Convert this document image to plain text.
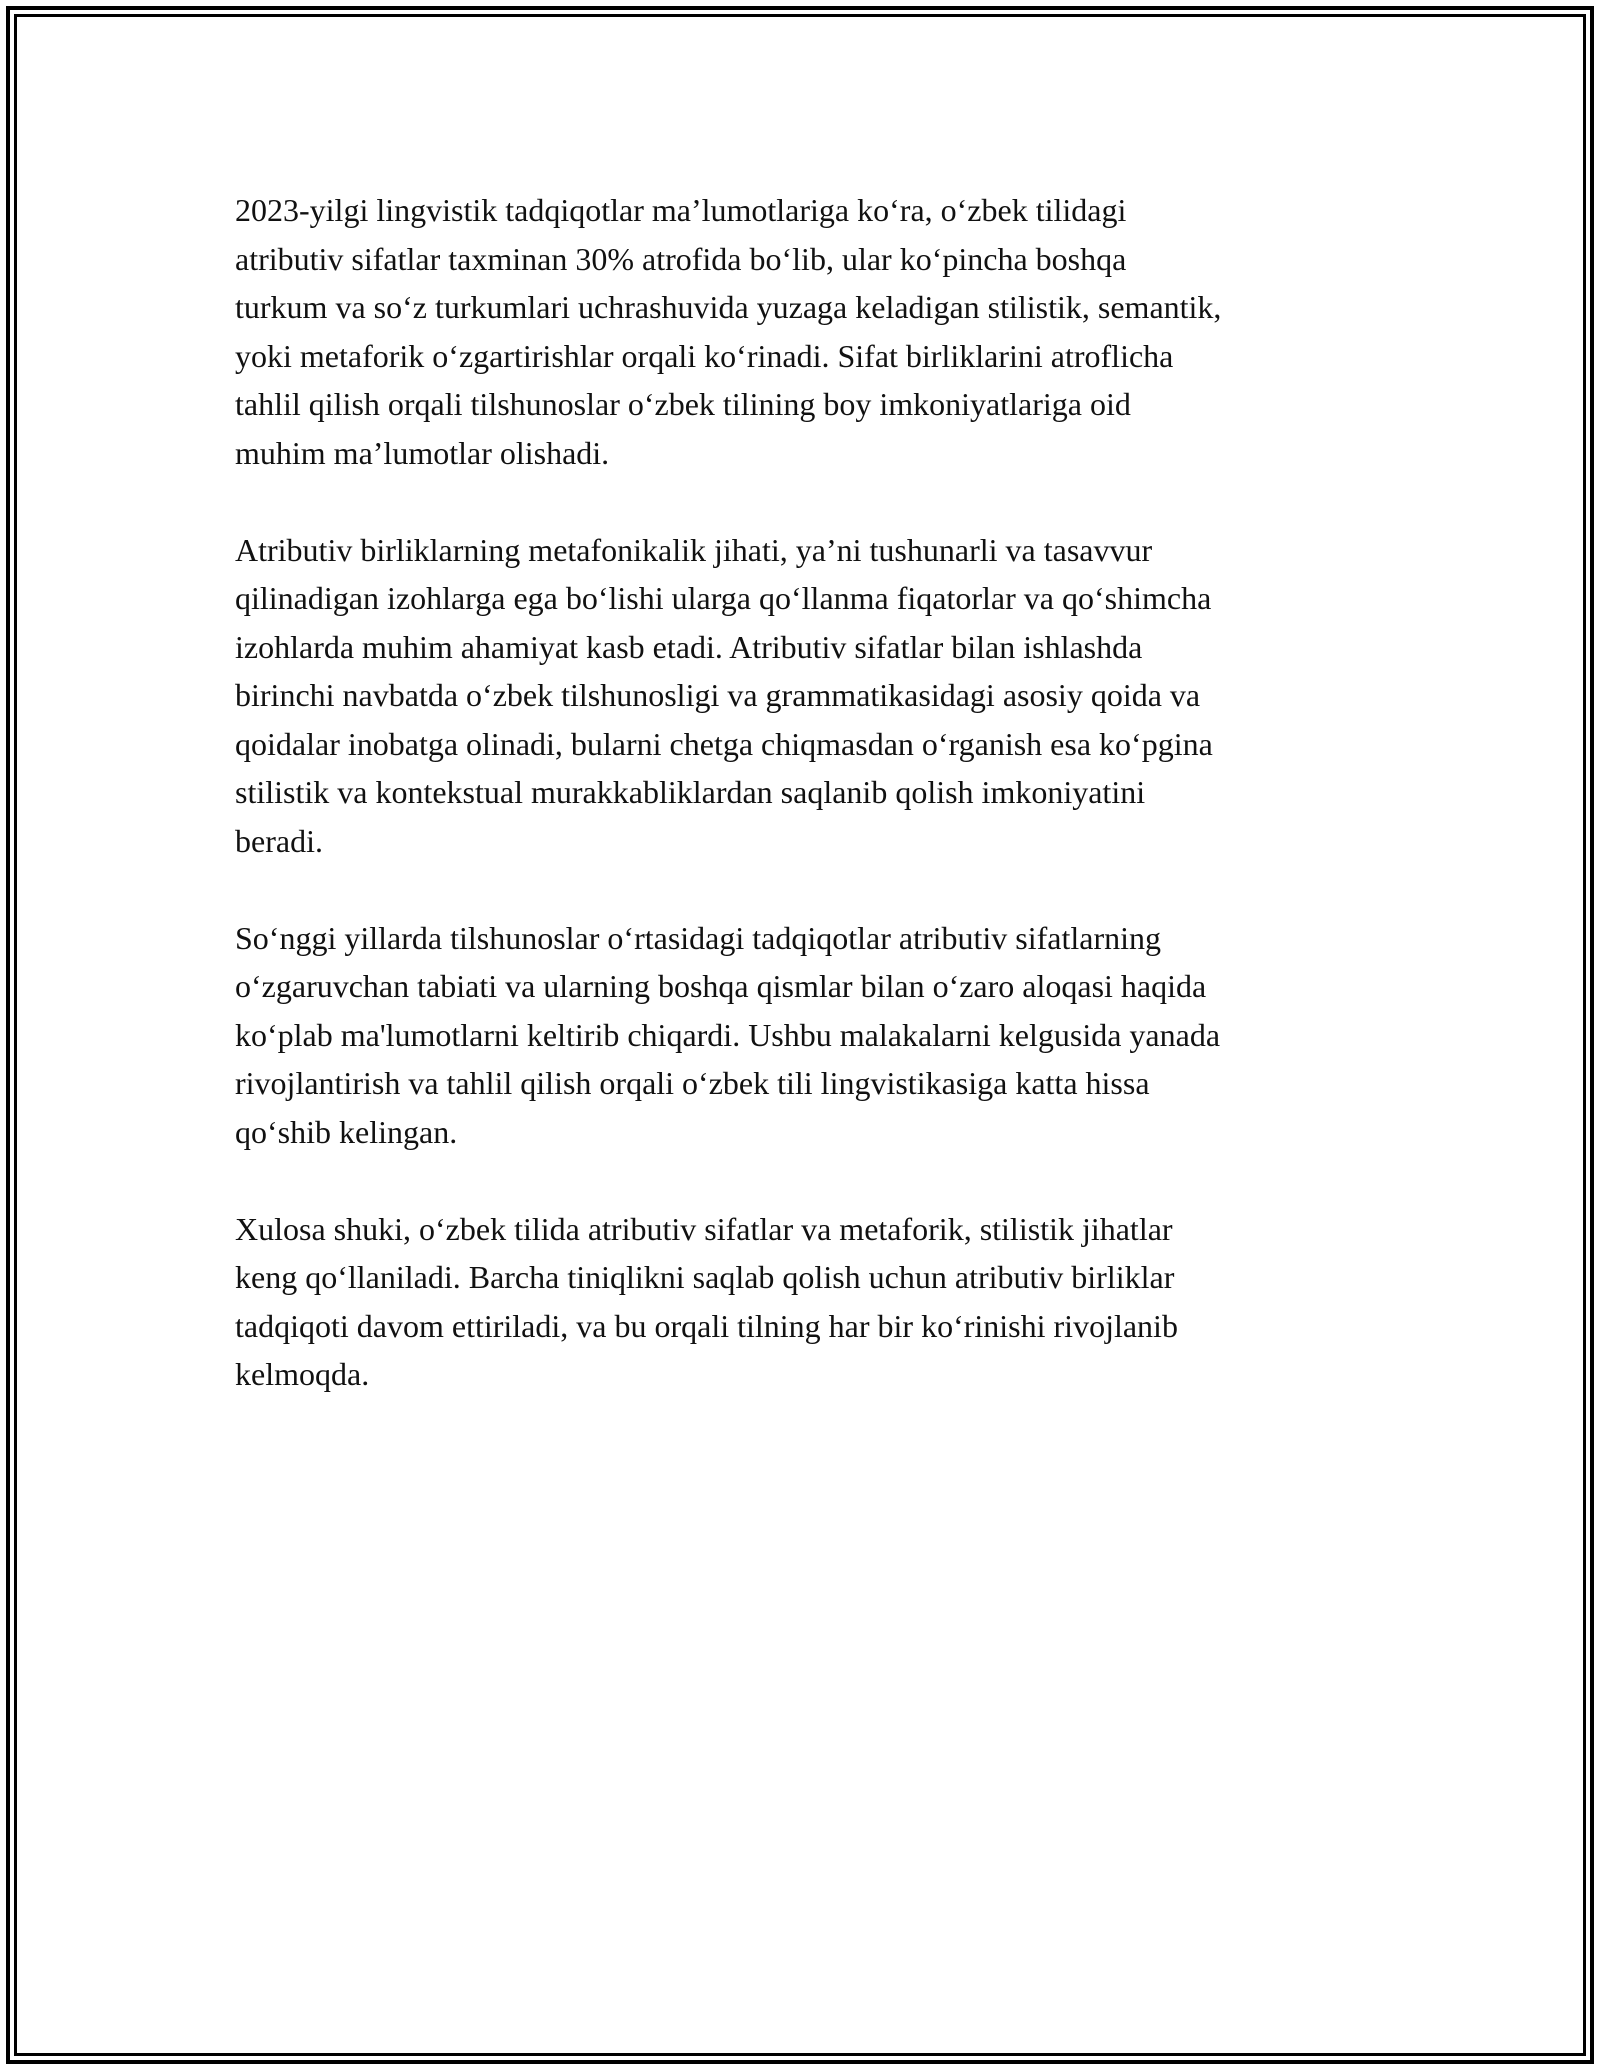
2023-yilgi lingvistik tadqiqotlar ma’lumotlariga ko‘ra, o‘zbek tilidagi
atributiv sifatlar taxminan 30% atrofida bo‘lib, ular ko‘pincha boshqa
turkum va so‘z turkumlari uchrashuvida yuzaga keladigan stilistik, semantik,
yoki metaforik o‘zgartirishlar orqali ko‘rinadi. Sifat birliklarini atroflicha
tahlil qilish orqali tilshunoslar o‘zbek tilining boy imkoniyatlariga oid
muhim ma’lumotlar olishadi.

Atributiv birliklarning metafonikalik jihati, ya’ni tushunarli va tasavvur
qilinadigan izohlarga ega bo‘lishi ularga qo‘llanma fiqatorlar va qo‘shimcha
izohlarda muhim ahamiyat kasb etadi. Atributiv sifatlar bilan ishlashda
birinchi navbatda o‘zbek tilshunosligi va grammatikasidagi asosiy qoida va
qoidalar inobatga olinadi, bularni chetga chiqmasdan o‘rganish esa ko‘pgina
stilistik va kontekstual murakkabliklardan saqlanib qolish imkoniyatini
beradi.

So‘nggi yillarda tilshunoslar o‘rtasidagi tadqiqotlar atributiv sifatlarning
o‘zgaruvchan tabiati va ularning boshqa qismlar bilan o‘zaro aloqasi haqida
ko‘plab ma'lumotlarni keltirib chiqardi. Ushbu malakalarni kelgusida yanada
rivojlantirish va tahlil qilish orqali o‘zbek tili lingvistikasiga katta hissa
qo‘shib kelingan.

Xulosa shuki, o‘zbek tilida atributiv sifatlar va metaforik, stilistik jihatlar
keng qo‘llaniladi. Barcha tiniqlikni saqlab qolish uchun atributiv birliklar
tadqiqoti davom ettiriladi, va bu orqali tilning har bir ko‘rinishi rivojlanib
kelmoqda.
